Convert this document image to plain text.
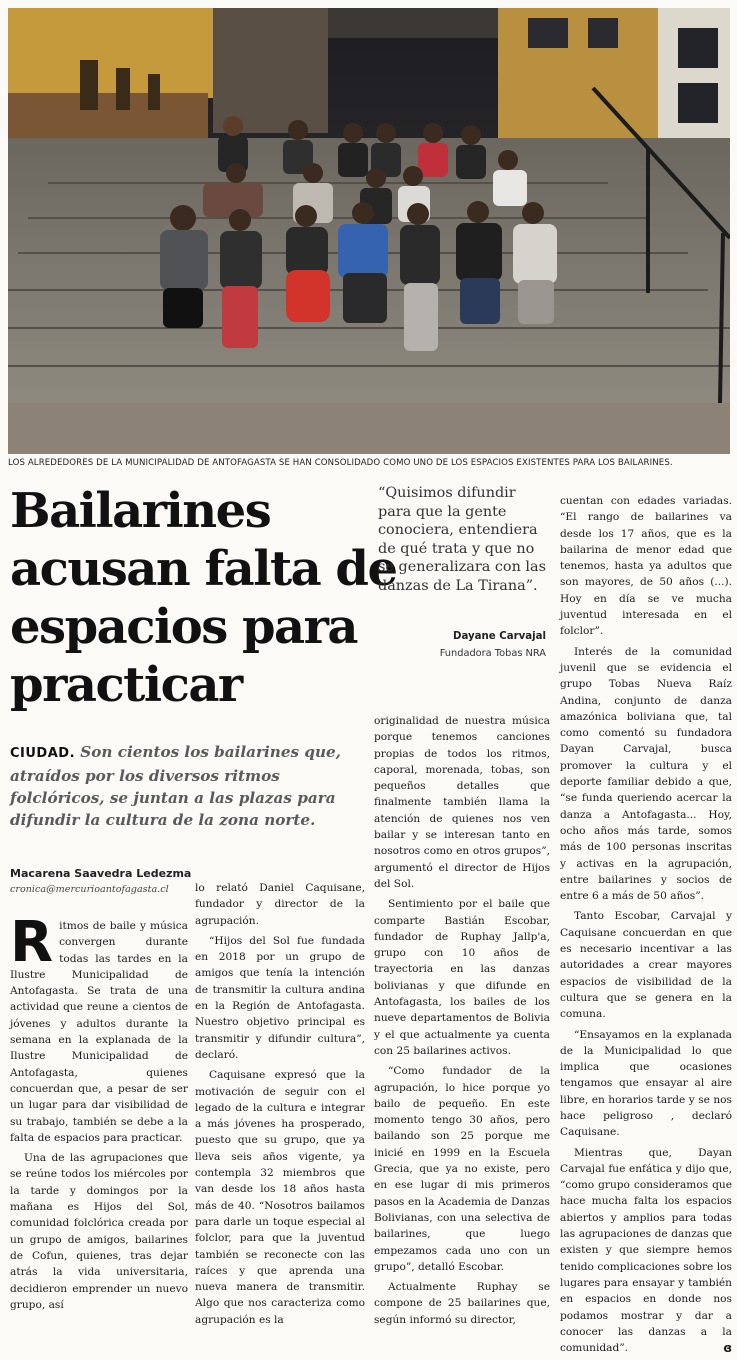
LOS ALREDEDORES DE LA MUNICIPALIDAD DE ANTOFAGASTA SE HAN CONSOLIDADO COMO UNO DE LOS ESPACIOS EXISTENTES PARA LOS BAILARINES.
Bailarines
acusan falta de
espacios para
practicar
CIUDAD. Son cientos los bailarines que, atraídos por los diversos ritmos folclóricos, se juntan a las plazas para difundir la cultura de la zona norte.
Macarena Saavedra Ledezma
cronica@mercurioantofagasta.cl

Ritmos de baile y música convergen durante todas las tardes en la Ilustre Municipalidad de Antofagasta. Se trata de una actividad que reune a cientos de jóvenes y adultos durante la semana en la explanada de la Ilustre Municipalidad de Antofagasta, quienes concuerdan que, a pesar de ser un lugar para dar visibilidad de su trabajo, también se debe a la falta de espacios para practicar.

Una de las agrupaciones que se reúne todos los miércoles por la tarde y domingos por la mañana es Hijos del Sol, comunidad folclórica creada por un grupo de amigos, bailarines de Cofun, quienes, tras dejar atrás la vida universitaria, decidieron emprender un nuevo grupo, así

lo relató Daniel Caquisane, fundador y director de la agrupación.

“Hijos del Sol fue fundada en 2018 por un grupo de amigos que tenía la intención de transmitir la cultura andina en la Región de Antofagasta. Nuestro objetivo principal es transmitir y difundir cultura”, declaró.

Caquisane expresó que la motivación de seguir con el legado de la cultura e integrar a más jóvenes ha prosperado, puesto que su grupo, que ya lleva seis años vigente, ya contempla 32 miembros que van desde los 18 años hasta más de 40. “Nosotros bailamos para darle un toque especial al folclor, para que la juventud también se reconecte con las raíces y que aprenda una nueva manera de transmitir. Algo que nos caracteriza como agrupación es la

“Quisimos difundir para que la gente conociera, entendiera de qué trata y que no se generalizara con las danzas de La Tirana”.
Dayane Carvajal
Fundadora Tobas NRA

originalidad de nuestra música porque tenemos canciones propias de todos los ritmos, caporal, morenada, tobas, son pequeños detalles que finalmente también llama la atención de quienes nos ven bailar y se interesan tanto en nosotros como en otros grupos”, argumentó el director de Hijos del Sol.

Sentimiento por el baile que comparte Bastián Escobar, fundador de Ruphay Jallp'a, grupo con 10 años de trayectoria en las danzas bolivianas y que difunde en Antofagasta, los bailes de los nueve departamentos de Bolivia y el que actualmente ya cuenta con 25 bailarines activos.

“Como fundador de la agrupación, lo hice porque yo bailo de pequeño. En este momento tengo 30 años, pero bailando son 25 porque me inicié en 1999 en la Escuela Grecia, que ya no existe, pero en ese lugar di mis primeros pasos en la Academia de Danzas Bolivianas, con una selectiva de bailarines, que luego empezamos cada uno con un grupo”, detalló Escobar.

Actualmente Ruphay se compone de 25 bailarines que, según informó su director,

cuentan con edades variadas. “El rango de bailarines va desde los 17 años, que es la bailarina de menor edad que tenemos, hasta ya adultos que son mayores, de 50 años (...). Hoy en día se ve mucha juventud interesada en el folclor”.

Interés de la comunidad juvenil que se evidencia el grupo Tobas Nueva Raíz Andina, conjunto de danza amazónica boliviana que, tal como comentó su fundadora Dayan Carvajal, busca promover la cultura y el deporte familiar debido a que, “se funda queriendo acercar la danza a Antofagasta... Hoy, ocho años más tarde, somos más de 100 personas inscritas y activas en la agrupación, entre bailarines y socios de entre 6 a más de 50 años”.

Tanto Escobar, Carvajal y Caquisane concuerdan en que es necesario incentivar a las autoridades a crear mayores espacios de visibilidad de la cultura que se genera en la comuna.

“Ensayamos en la explanada de la Municipalidad lo que implica que ocasiones tengamos que ensayar al aire libre, en horarios tarde y se nos hace peligroso , declaró Caquisane.

Mientras que, Dayan Carvajal fue enfática y dijo que, “como grupo consideramos que hace mucha falta los espacios abiertos y amplios para todas las agrupaciones de danzas que existen y que siempre hemos tenido complicaciones sobre los lugares para ensayar y también en espacios en donde nos podamos mostrar y dar a conocer las danzas a la comunidad”.	ɞ
